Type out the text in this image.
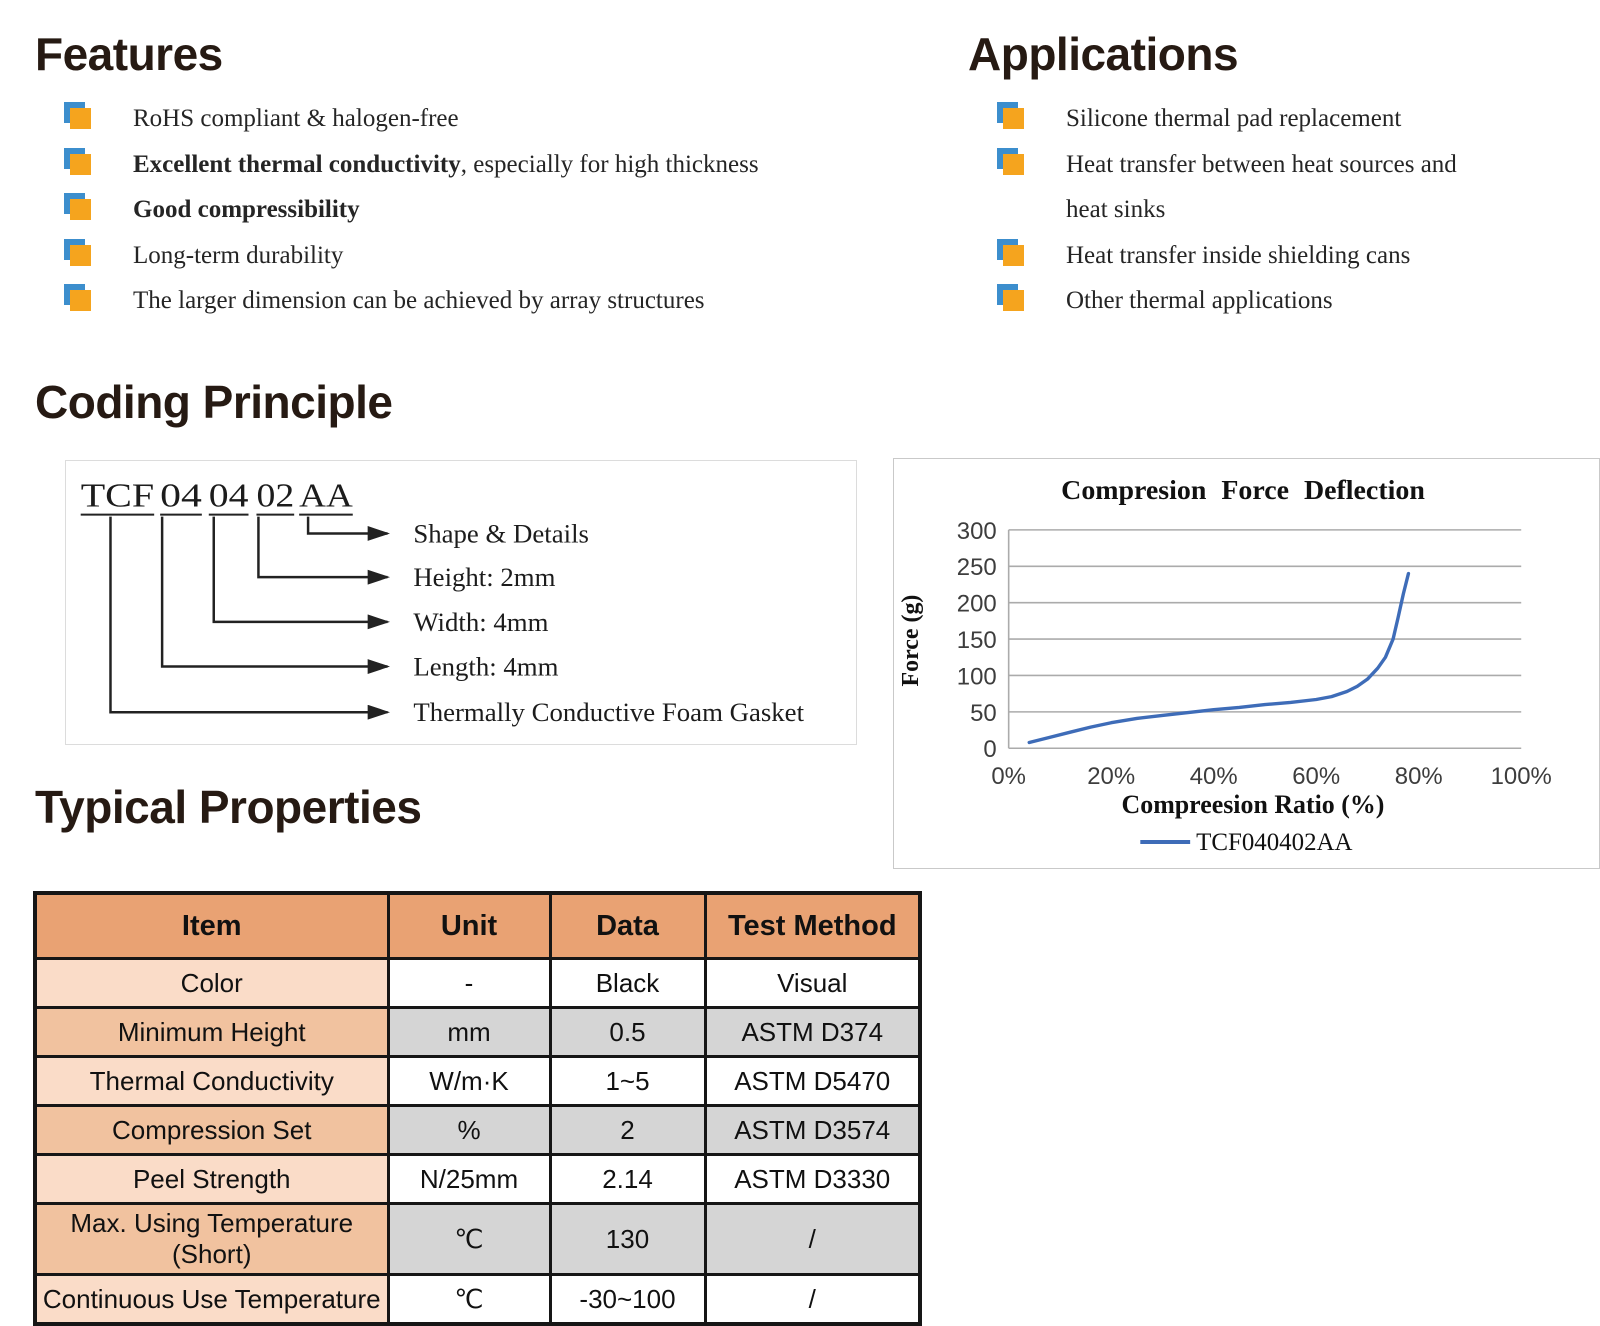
Features
RoHS compliant & halogen-free
Excellent thermal conductivity, especially for high thickness
Good compressibility
Long-term durability
The larger dimension can be achieved by array structures
Applications
Silicone thermal pad replacement
Heat transfer between heat sources and heat sinks
Heat transfer inside shielding cans
Other thermal applications
Coding Principle
TCF 04 04 02 AA
Shape & Details
Height: 2mm
Width: 4mm
Length: 4mm
Thermally Conductive Foam Gasket
Compresion Force Deflection
0
50
100
150
200
250
300
0%	20% 40% 60% 80% 100%
Force (g)
Compreesion Ratio (%)
TCF040402AA
Typical Properties
Item	Unit	Data	Test Method
Color	-	Black	Visual
Minimum Height	mm	0.5	ASTM D374
Thermal Conductivity	W/m·K	1~5	ASTM D5470
Compression Set	%	2	ASTM D3574
Peel Strength	N/25mm	2.14	ASTM D3330
Max. Using Temperature (Short)	℃	130	/
Continuous Use Temperature	℃	-30~100	/
